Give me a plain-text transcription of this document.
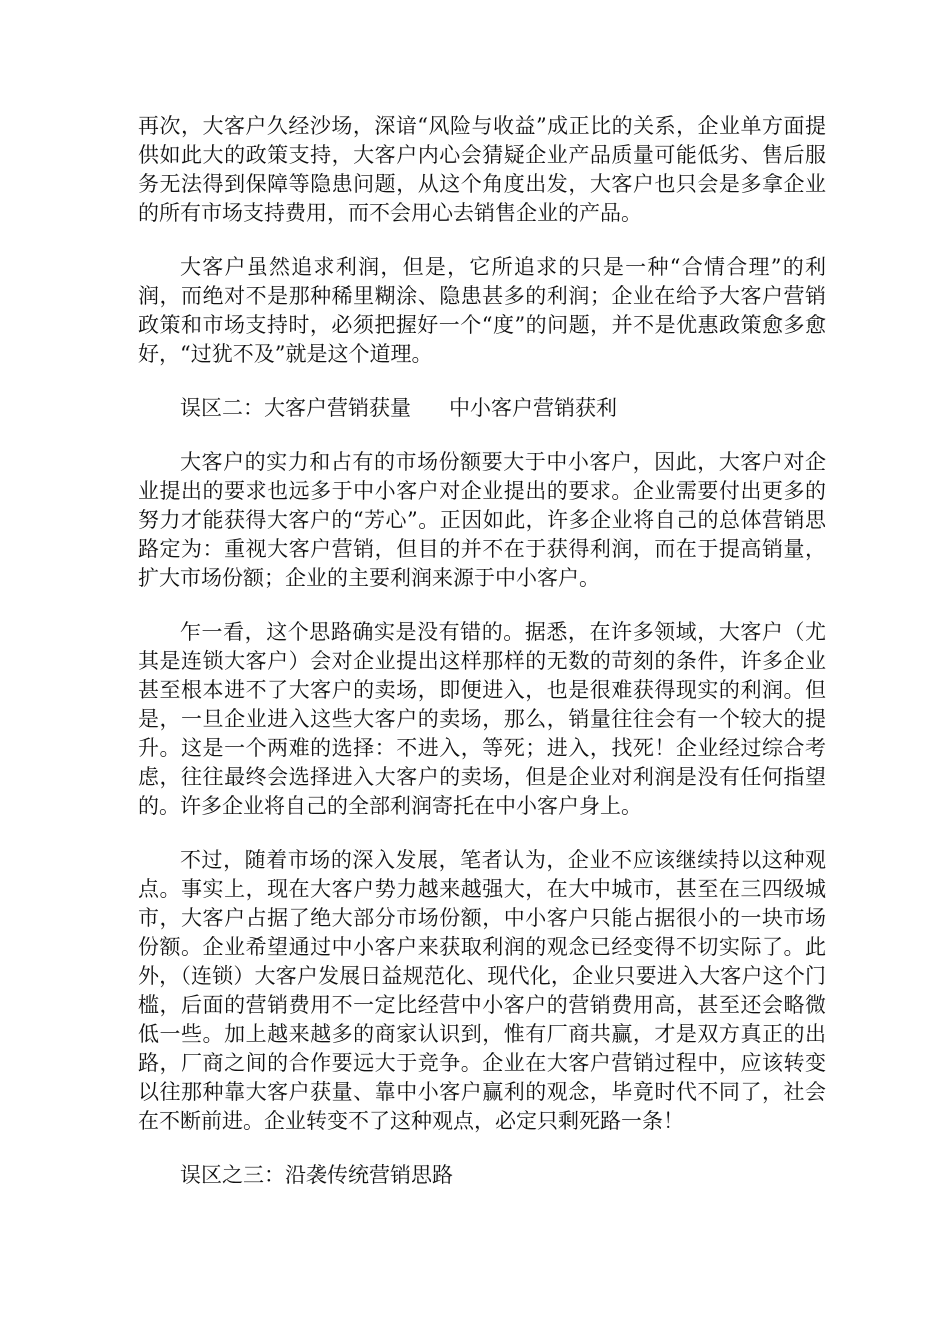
再次，大客户久经沙场，深谙“风险与收益”成正比的关系，企业单方面提供如此大的政策支持，大客户内心会猜疑企业产品质量可能低劣、售后服务无法得到保障等隐患问题，从这个角度出发，大客户也只会是多拿企业的所有市场支持费用，而不会用心去销售企业的产品。

大客户虽然追求利润，但是，它所追求的只是一种“合情合理”的利润，而绝对不是那种稀里糊涂、隐患甚多的利润；企业在给予大客户营销政策和市场支持时，必须把握好一个“度”的问题，并不是优惠政策愈多愈好，“过犹不及”就是这个道理。

误区二：大客户营销获量 中小客户营销获利

大客户的实力和占有的市场份额要大于中小客户，因此，大客户对企业提出的要求也远多于中小客户对企业提出的要求。企业需要付出更多的努力才能获得大客户的“芳心”。正因如此，许多企业将自己的总体营销思路定为：重视大客户营销，但目的并不在于获得利润，而在于提高销量，扩大市场份额；企业的主要利润来源于中小客户。

乍一看，这个思路确实是没有错的。据悉，在许多领域，大客户（尤其是连锁大客户）会对企业提出这样那样的无数的苛刻的条件，许多企业甚至根本进不了大客户的卖场，即便进入，也是很难获得现实的利润。但是，一旦企业进入这些大客户的卖场，那么，销量往往会有一个较大的提升。这是一个两难的选择：不进入，等死；进入，找死！企业经过综合考虑，往往最终会选择进入大客户的卖场，但是企业对利润是没有任何指望的。许多企业将自己的全部利润寄托在中小客户身上。

不过，随着市场的深入发展，笔者认为，企业不应该继续持以这种观点。事实上，现在大客户势力越来越强大，在大中城市，甚至在三四级城市，大客户占据了绝大部分市场份额，中小客户只能占据很小的一块市场份额。企业希望通过中小客户来获取利润的观念已经变得不切实际了。此外，（连锁）大客户发展日益规范化、现代化，企业只要进入大客户这个门槛，后面的营销费用不一定比经营中小客户的营销费用高，甚至还会略微低一些。加上越来越多的商家认识到，惟有厂商共赢，才是双方真正的出路，厂商之间的合作要远大于竞争。企业在大客户营销过程中，应该转变以往那种靠大客户获量、靠中小客户赢利的观念，毕竟时代不同了，社会在不断前进。企业转变不了这种观点，必定只剩死路一条！

误区之三：沿袭传统营销思路
